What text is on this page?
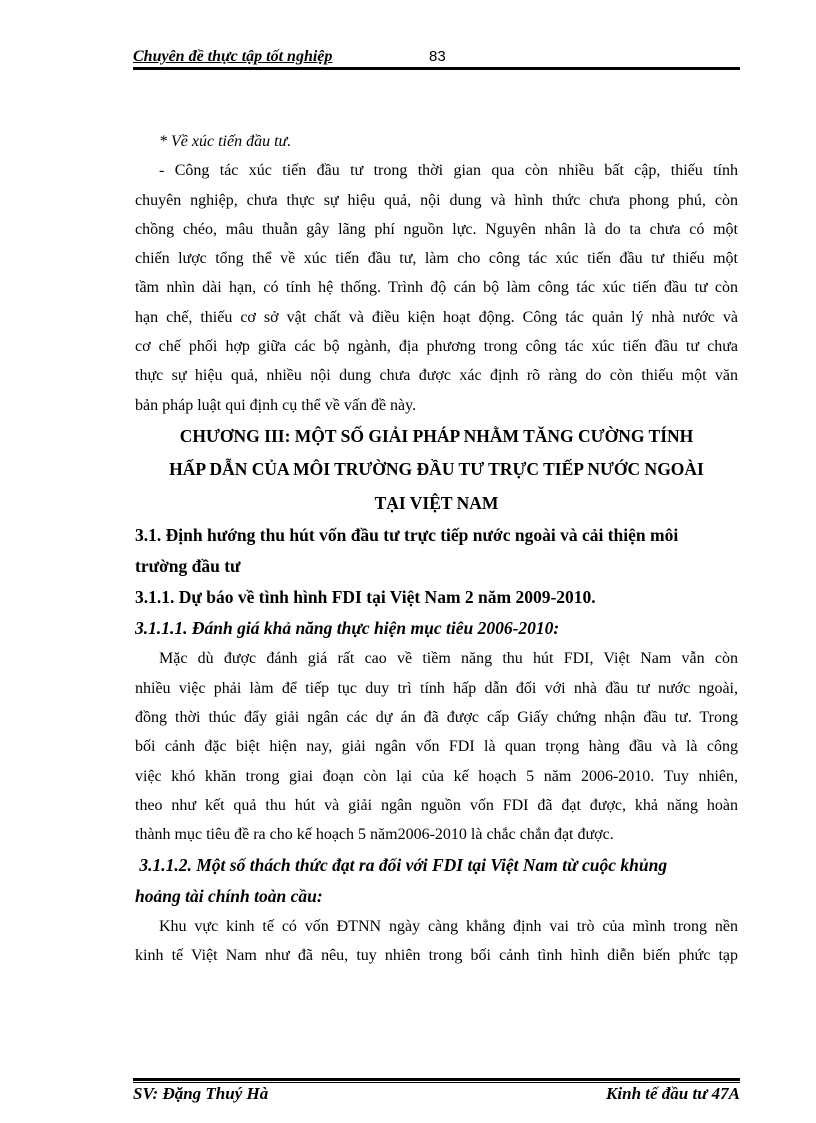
Chuyên đề thực tập tốt nghiệp	83
* Về xúc tiến đầu tư.
- Công tác xúc tiến đầu tư trong thời gian qua còn nhiều bất cập, thiếu tính
chuyên nghiệp, chưa thực sự hiệu quả, nội dung và hình thức chưa phong phú, còn
chồng chéo, mâu thuẫn gây lãng phí nguồn lực. Nguyên nhân là do ta chưa có một
chiến lược tổng thể về xúc tiến đầu tư, làm cho công tác xúc tiến đầu tư thiếu một
tầm nhìn dài hạn, có tính hệ thống. Trình độ cán bộ làm công tác xúc tiến đầu tư còn
hạn chế, thiếu cơ sở vật chất và điều kiện hoạt động. Công tác quản lý nhà nước và
cơ chế phối hợp giữa các bộ ngành, địa phương trong công tác xúc tiến đầu tư chưa
thực sự hiệu quả, nhiều nội dung chưa được xác định rõ ràng do còn thiếu một văn
bản pháp luật qui định cụ thể về vấn đề này.
CHƯƠNG III: MỘT SỐ GIẢI PHÁP NHẰM TĂNG CƯỜNG TÍNH
HẤP DẪN CỦA MÔI TRƯỜNG ĐẦU TƯ TRỰC TIẾP NƯỚC NGOÀI
TẠI VIỆT NAM
3.1. Định hướng thu hút vốn đầu tư trực tiếp nước ngoài và cải thiện môi
trường đầu tư
3.1.1. Dự báo về tình hình FDI tại Việt Nam 2 năm 2009-2010.
3.1.1.1. Đánh giá khả năng thực hiện mục tiêu 2006-2010:
Mặc dù được đánh giá rất cao về tiềm năng thu hút FDI, Việt Nam vẫn còn
nhiều việc phải làm để tiếp tục duy trì tính hấp dẫn đối với nhà đầu tư nước ngoài,
đồng thời thúc đẩy giải ngân các dự án đã được cấp Giấy chứng nhận đầu tư. Trong
bối cảnh đặc biệt hiện nay, giải ngân vốn FDI là quan trọng hàng đầu và là công
việc khó khăn trong giai đoạn còn lại của kế hoạch 5 năm 2006-2010. Tuy nhiên,
theo như kết quả thu hút và giải ngân nguồn vốn FDI đã đạt được, khả năng hoàn
thành mục tiêu đề ra cho kế hoạch 5 năm2006-2010 là chắc chắn đạt được.
3.1.1.2. Một số thách thức đạt ra đối với FDI tại Việt Nam từ cuộc khủng
hoảng tài chính toàn cầu:
Khu vực kinh tế có vốn ĐTNN ngày càng khẳng định vai trò của mình trong nền
kinh tế Việt Nam như đã nêu, tuy nhiên trong bối cảnh tình hình diễn biến phức tạp
SV: Đặng Thuý Hà	Kinh tế đầu tư 47A
